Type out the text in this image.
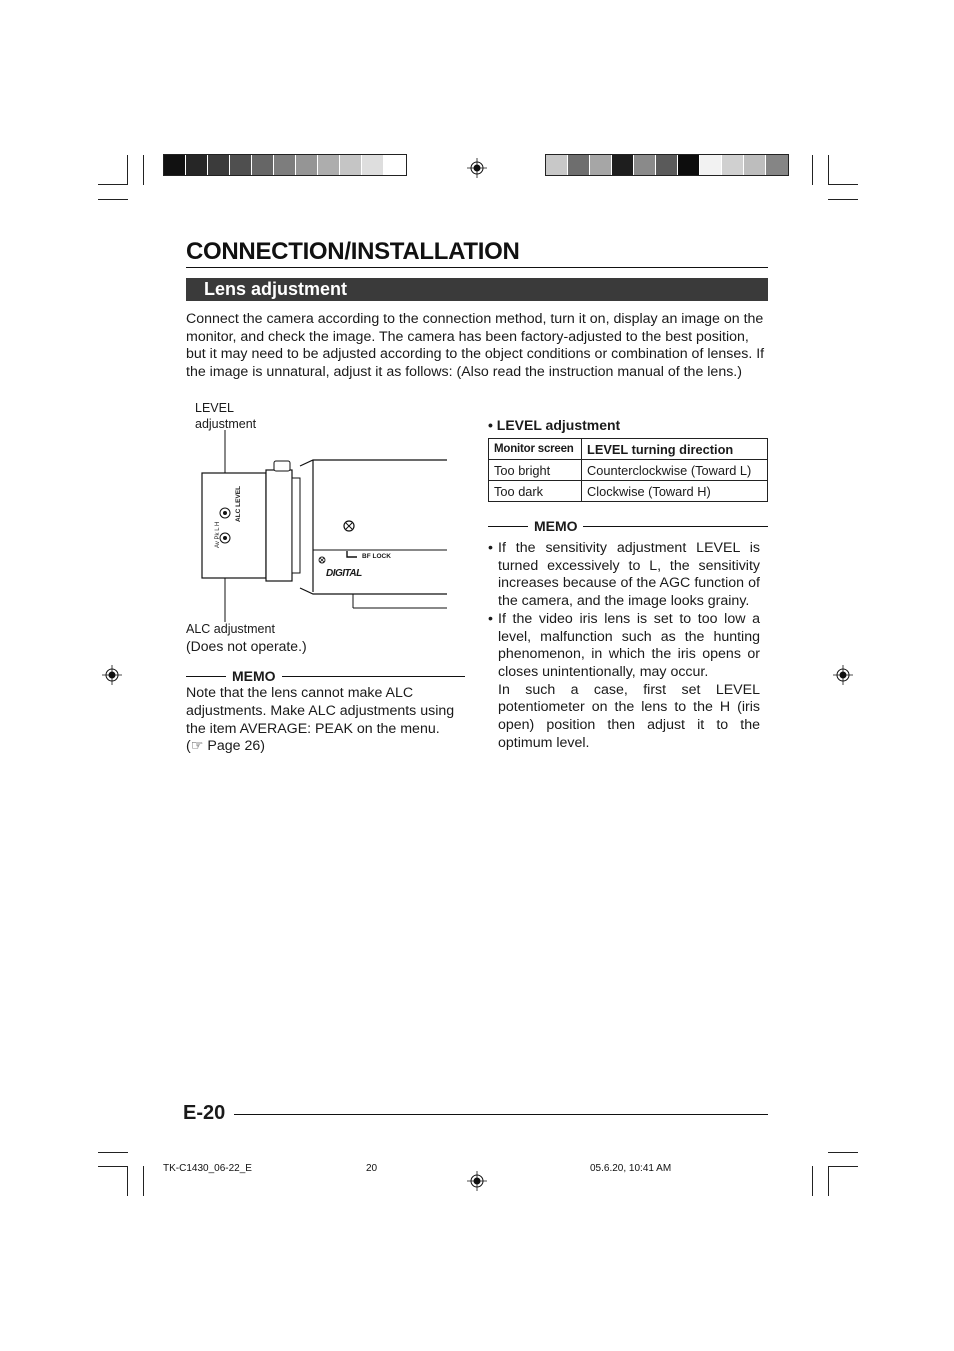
CONNECTION/INSTALLATION
Lens adjustment

Connect the camera according to the connection method, turn it on, display an image on the monitor, and check the image. The camera has been factory-adjusted to the best position, but it may need to be adjusted according to the object conditions or combination of lenses. If the image is unnatural, adjust it as follows: (Also read the instruction manual of the lens.)

LEVEL
adjustment
ALC LEVEL
Av Pk L H
BF LOCK
DIGITAL
ALC adjustment
(Does not operate.)
MEMO

Note that the lens cannot make ALC adjustments. Make ALC adjustments using the item AVERAGE: PEAK on the menu.
(☞ Page 26)

• LEVEL adjustment
Monitor screen	LEVEL turning direction
Too bright	Counterclockwise (Toward L)
Too dark	Clockwise (Toward H)
MEMO
• If the sensitivity adjustment LEVEL is turned excessively to L, the sensitivity increases because of the AGC function of the camera, and the image looks grainy.
• If the video iris lens is set to too low a level, malfunction such as the hunting phenomenon, in which the iris opens or closes unintentionally, may occur.
In such a case, first set LEVEL potentiometer on the lens to the H (iris open) position then adjust it to the optimum level.
E-20
TK-C1430_06-22_E	20	05.6.20, 10:41 AM
